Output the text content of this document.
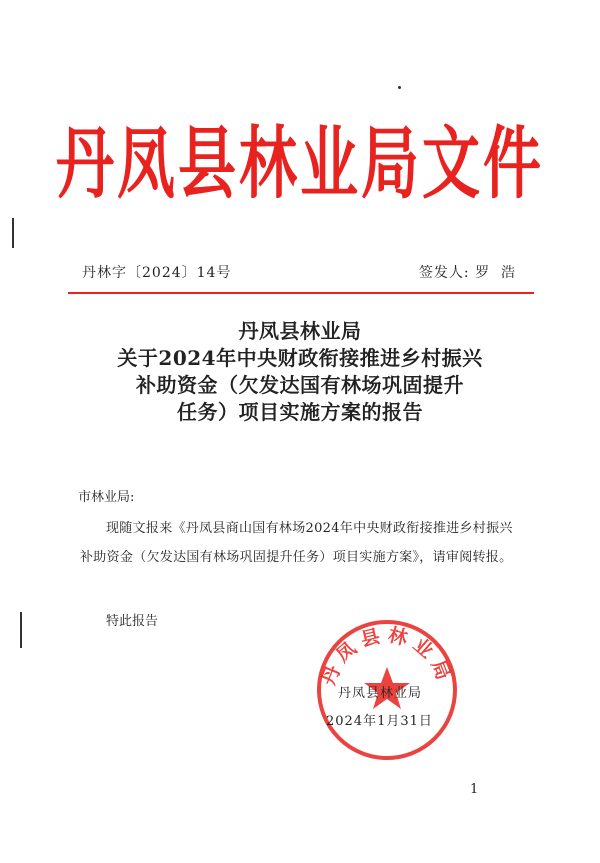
丹凤县林业局文件
丹林字〔2024〕14号	签发人: 罗  浩
丹凤县林业局
关于2024年中央财政衔接推进乡村振兴
补助资金（欠发达国有林场巩固提升
任务）项目实施方案的报告
市林业局:
现随文报来《丹凤县商山国有林场2024年中央财政衔接推进乡村振兴补助资金（欠发达国有林场巩固提升任务）项目实施方案》，请审阅转报。
特此报告
丹凤县林业局
丹凤县林业局
2024年1月31日
1
